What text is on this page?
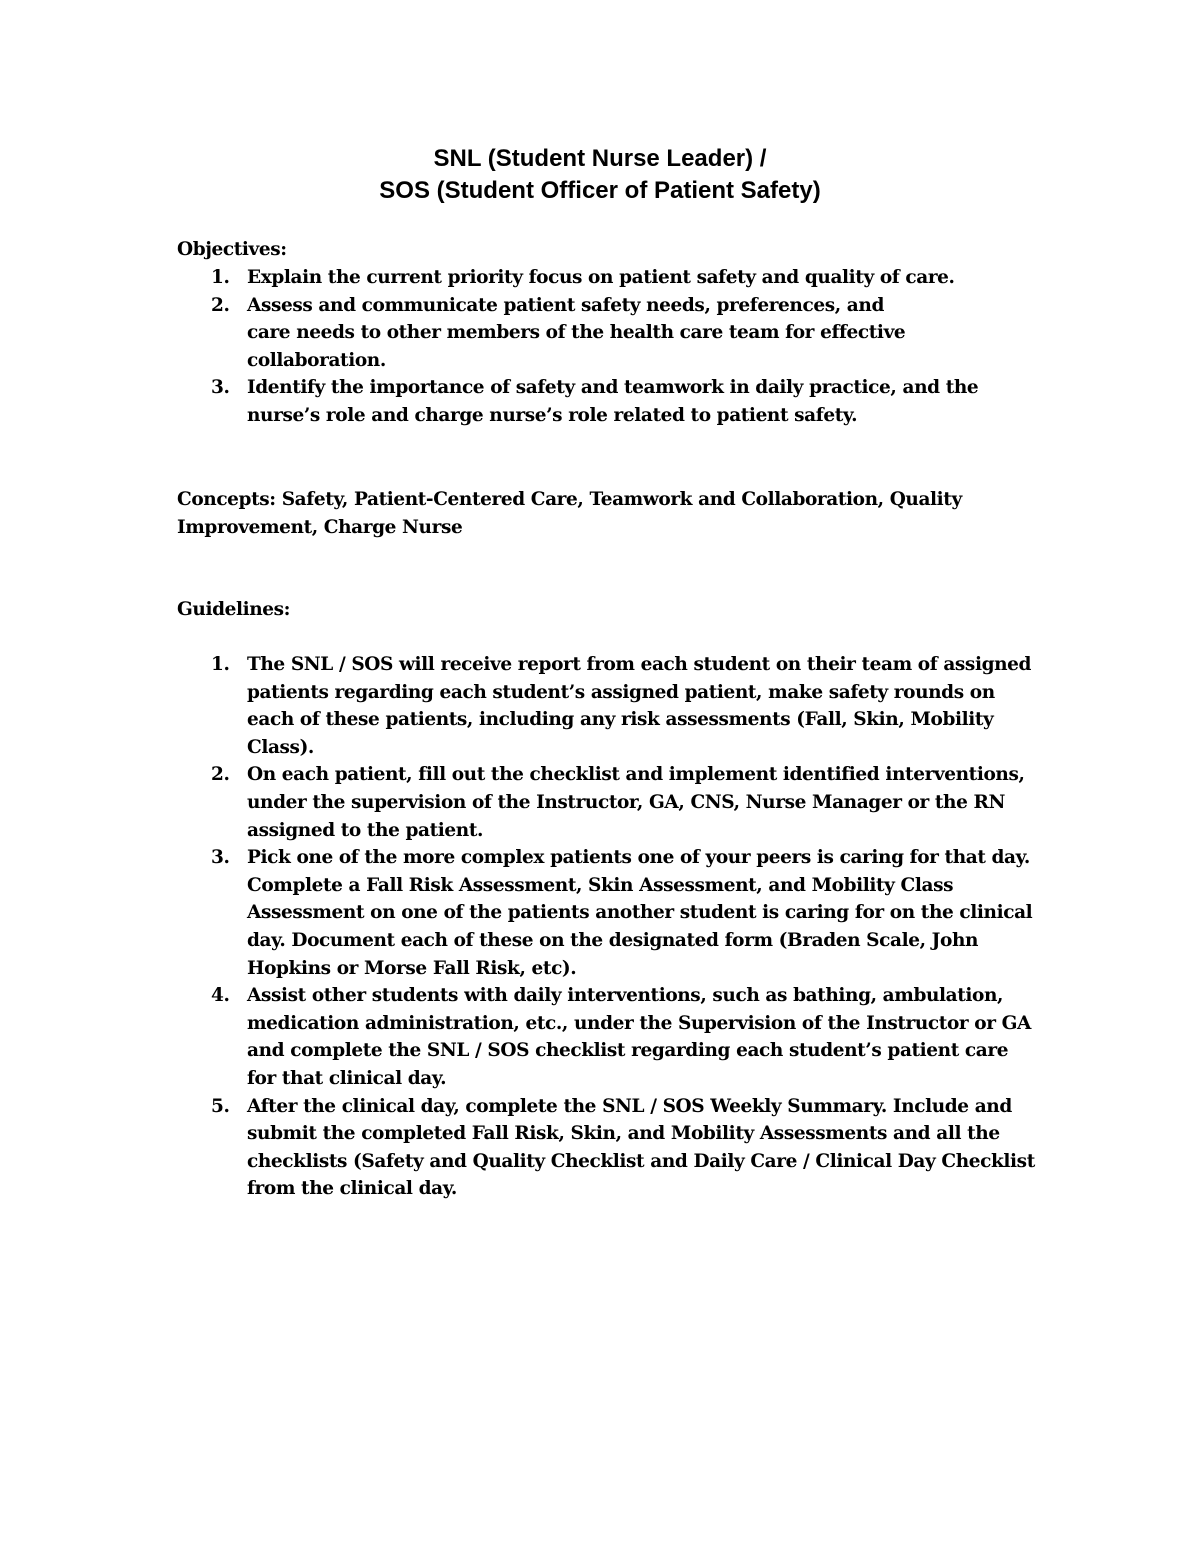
SNL (Student Nurse Leader) /
SOS (Student Officer of Patient Safety)

Objectives:

1. Explain the current priority focus on patient safety and quality of care.
2. Assess and communicate patient safety needs, preferences, and care needs to other members of the health care team for effective collaboration.
3. Identify the importance of safety and teamwork in daily practice, and the nurse’s role and charge nurse’s role related to patient safety.

Concepts: Safety, Patient-Centered Care, Teamwork and Collaboration, Quality Improvement, Charge Nurse

Guidelines:

1. The SNL / SOS will receive report from each student on their team of assigned patients regarding each student’s assigned patient, make safety rounds on each of these patients, including any risk assessments (Fall, Skin, Mobility Class).
2. On each patient, fill out the checklist and implement identified interventions, under the supervision of the Instructor, GA, CNS, Nurse Manager or the RN assigned to the patient.
3. Pick one of the more complex patients one of your peers is caring for that day. Complete a Fall Risk Assessment, Skin Assessment, and Mobility Class Assessment on one of the patients another student is caring for on the clinical day. Document each of these on the designated form (Braden Scale, John Hopkins or Morse Fall Risk, etc).
4. Assist other students with daily interventions, such as bathing, ambulation, medication administration, etc., under the Supervision of the Instructor or GA and complete the SNL / SOS checklist regarding each student’s patient care for that clinical day.
5. After the clinical day, complete the SNL / SOS Weekly Summary. Include and submit the completed Fall Risk, Skin, and Mobility Assessments and all the checklists (Safety and Quality Checklist and Daily Care / Clinical Day Checklist from the clinical day.
